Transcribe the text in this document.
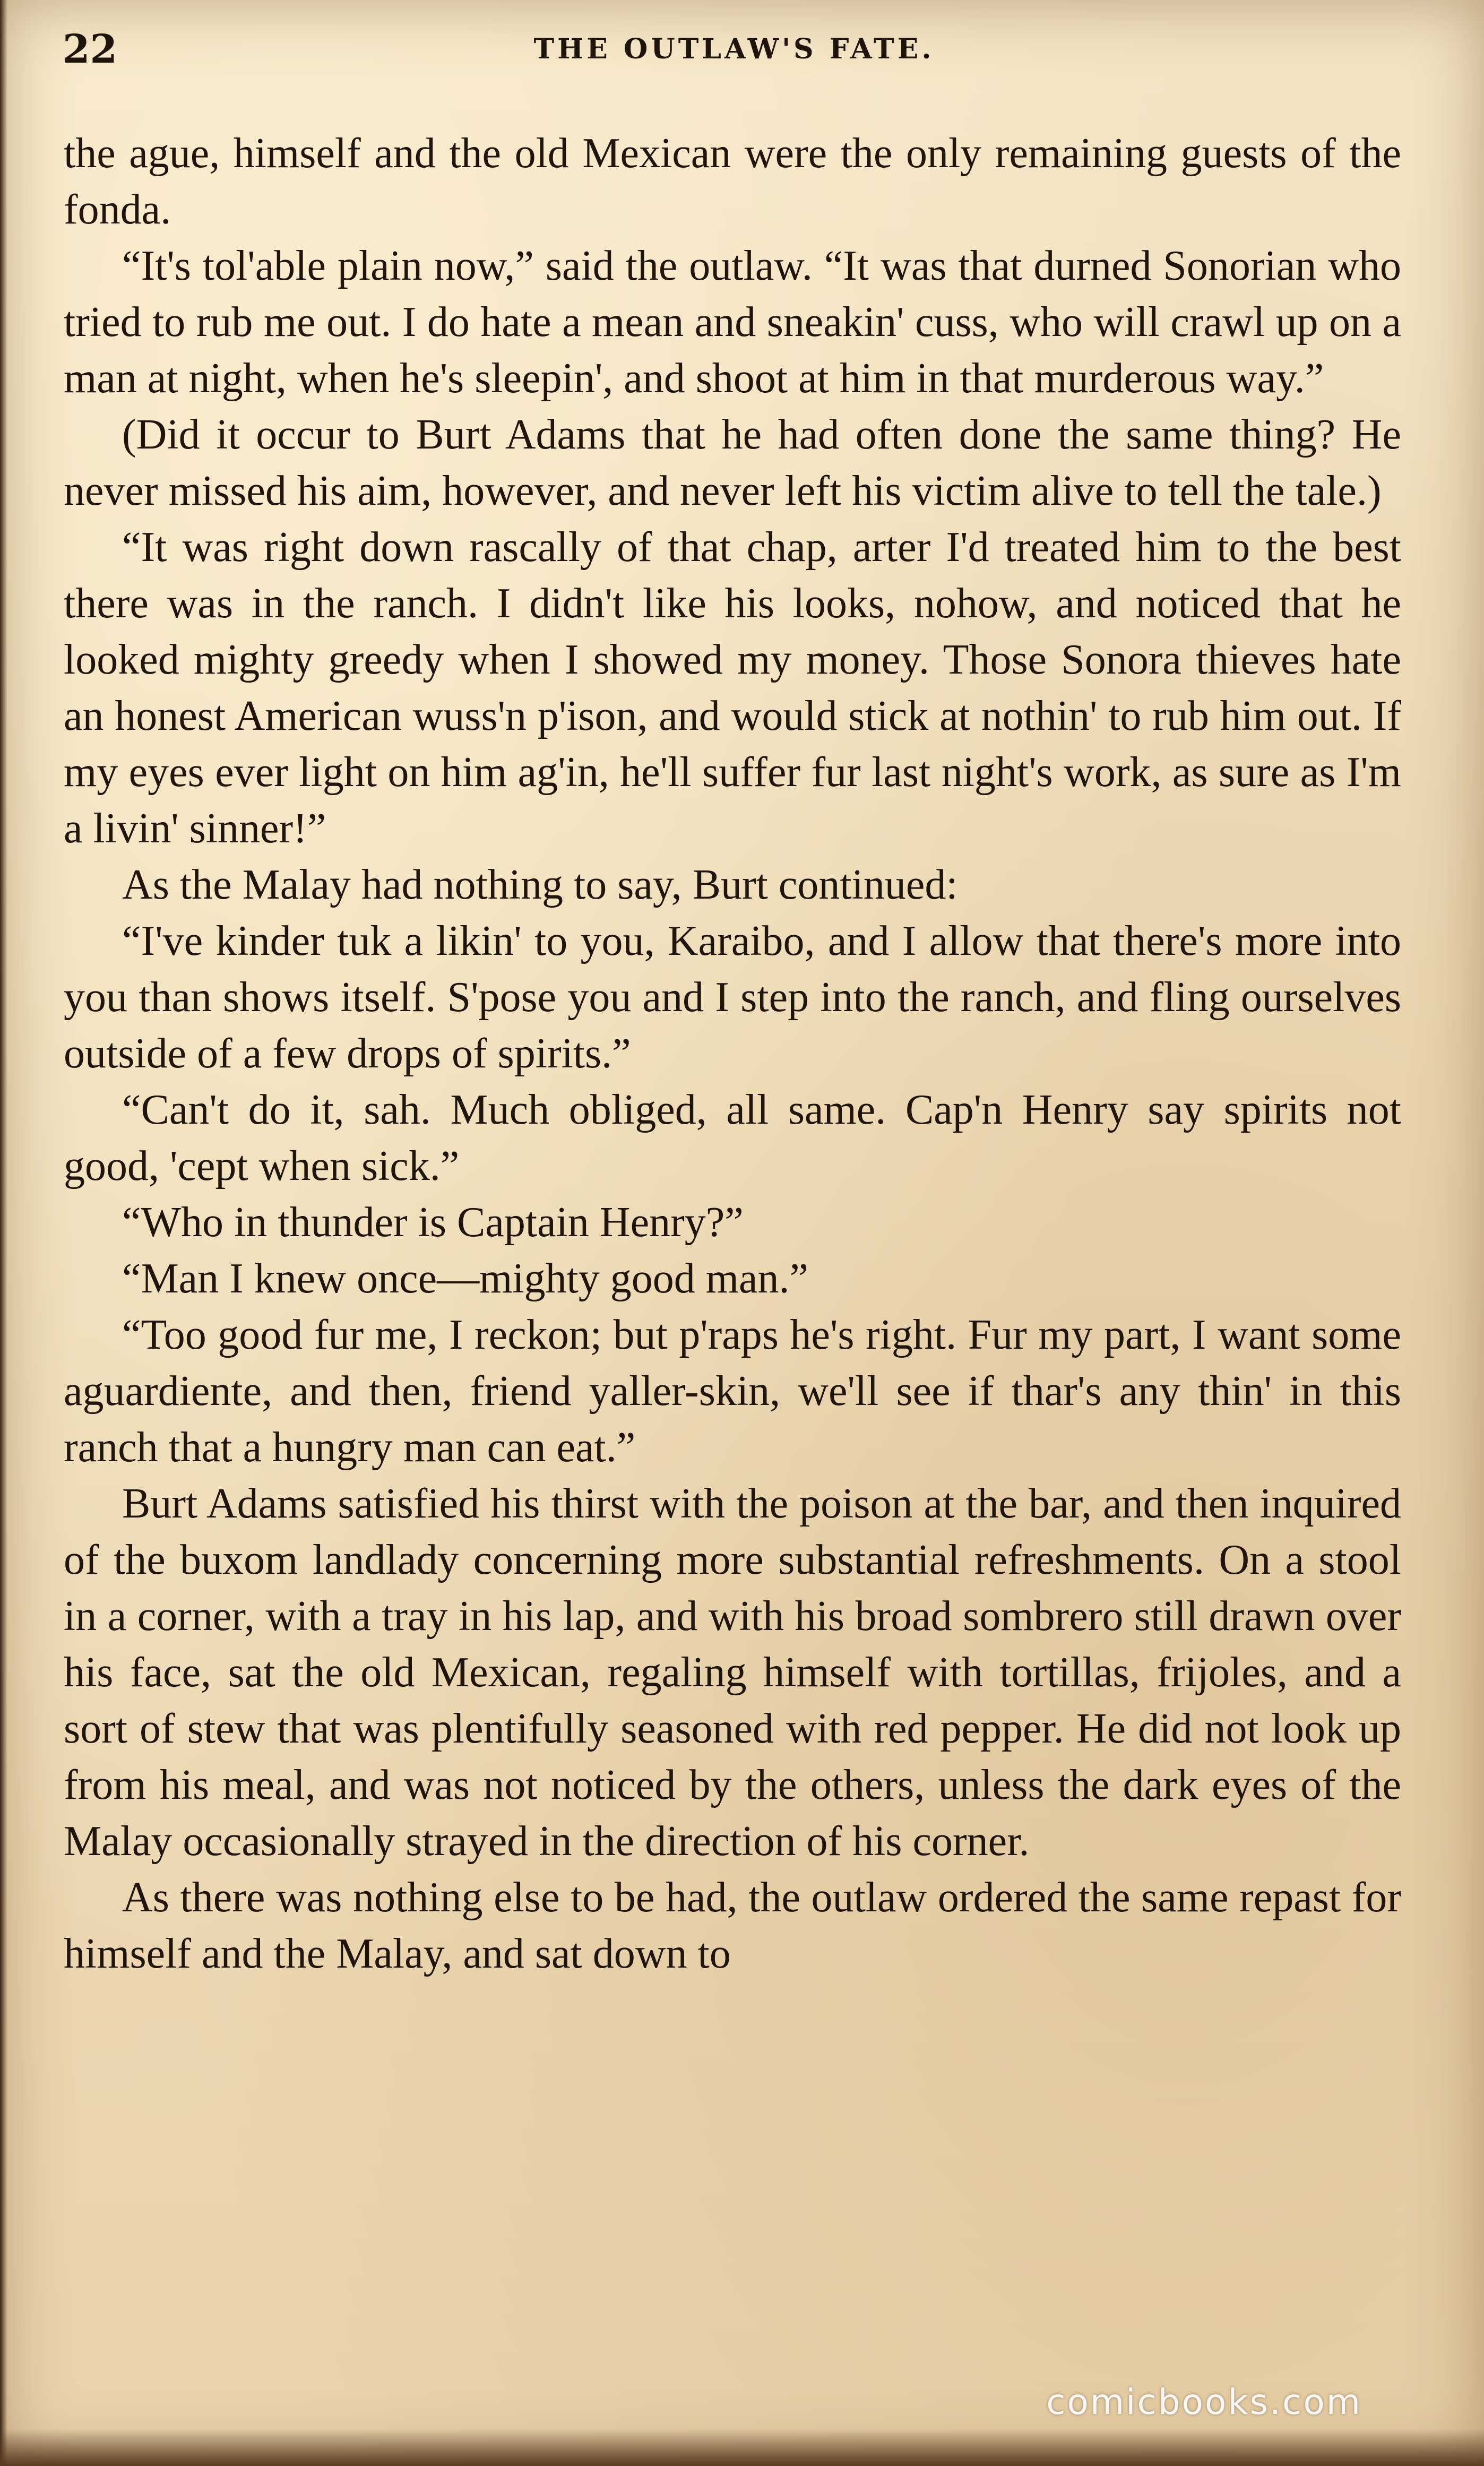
22	THE OUTLAW'S FATE.

the ague, himself and the old Mexican were the only remaining guests of the fonda.

“It's tol'able plain now,” said the outlaw. “It was that durned Sonorian who tried to rub me out. I do hate a mean and sneakin' cuss, who will crawl up on a man at night, when he's sleepin', and shoot at him in that murderous way.”

(Did it occur to Burt Adams that he had often done the same thing? He never missed his aim, however, and never left his victim alive to tell the tale.)

“It was right down rascally of that chap, arter I'd treated him to the best there was in the ranch. I didn't like his looks, nohow, and noticed that he looked mighty greedy when I showed my money. Those Sonora thieves hate an honest American wuss'n p'ison, and would stick at nothin' to rub him out. If my eyes ever light on him ag'in, he'll suffer fur last night's work, as sure as I'm a livin' sinner!”

As the Malay had nothing to say, Burt continued:

“I've kinder tuk a likin' to you, Karaibo, and I allow that there's more into you than shows itself. S'pose you and I step into the ranch, and fling ourselves outside of a few drops of spirits.”

“Can't do it, sah. Much obliged, all same. Cap'n Henry say spirits not good, 'cept when sick.”

“Who in thunder is Captain Henry?”

“Man I knew once—mighty good man.”

“Too good fur me, I reckon; but p'raps he's right. Fur my part, I want some aguardiente, and then, friend yaller-skin, we'll see if thar's any thin' in this ranch that a hungry man can eat.”

Burt Adams satisfied his thirst with the poison at the bar, and then inquired of the buxom landlady concerning more substantial refreshments. On a stool in a corner, with a tray in his lap, and with his broad sombrero still drawn over his face, sat the old Mexican, regaling himself with tortillas, frijoles, and a sort of stew that was plentifully seasoned with red pepper. He did not look up from his meal, and was not noticed by the others, unless the dark eyes of the Malay occasionally strayed in the direction of his corner.

As there was nothing else to be had, the outlaw ordered the same repast for himself and the Malay, and sat down to

comicbooks.com
